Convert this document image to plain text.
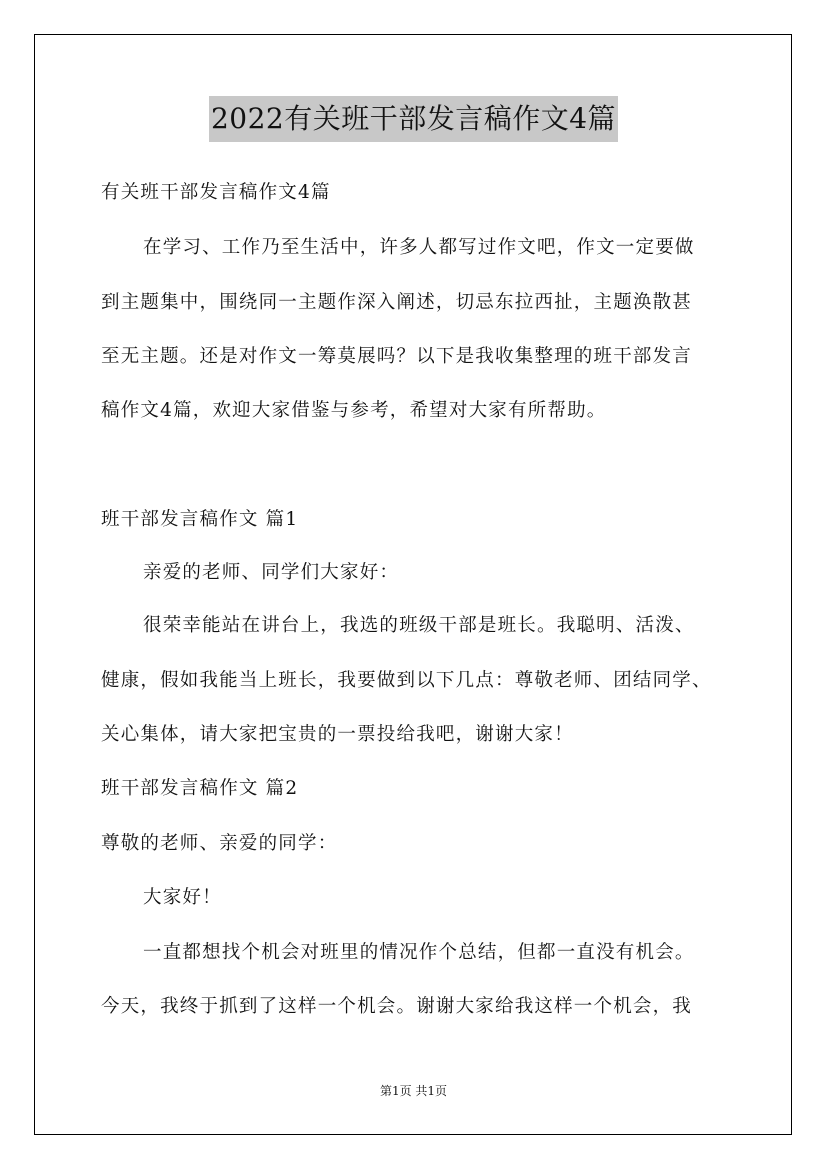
2022有关班干部发言稿作文4篇
有关班干部发言稿作文4篇
在学习、工作乃至生活中，许多人都写过作文吧，作文一定要做
到主题集中，围绕同一主题作深入阐述，切忌东拉西扯，主题涣散甚
至无主题。还是对作文一筹莫展吗？以下是我收集整理的班干部发言
稿作文4篇，欢迎大家借鉴与参考，希望对大家有所帮助。
班干部发言稿作文 篇1
亲爱的老师、同学们大家好：
很荣幸能站在讲台上，我选的班级干部是班长。我聪明、活泼、
健康，假如我能当上班长，我要做到以下几点：尊敬老师、团结同学、
关心集体，请大家把宝贵的一票投给我吧，谢谢大家！
班干部发言稿作文 篇2
尊敬的老师、亲爱的同学：
大家好！
一直都想找个机会对班里的情况作个总结，但都一直没有机会。
今天，我终于抓到了这样一个机会。谢谢大家给我这样一个机会，我
第1页 共1页
